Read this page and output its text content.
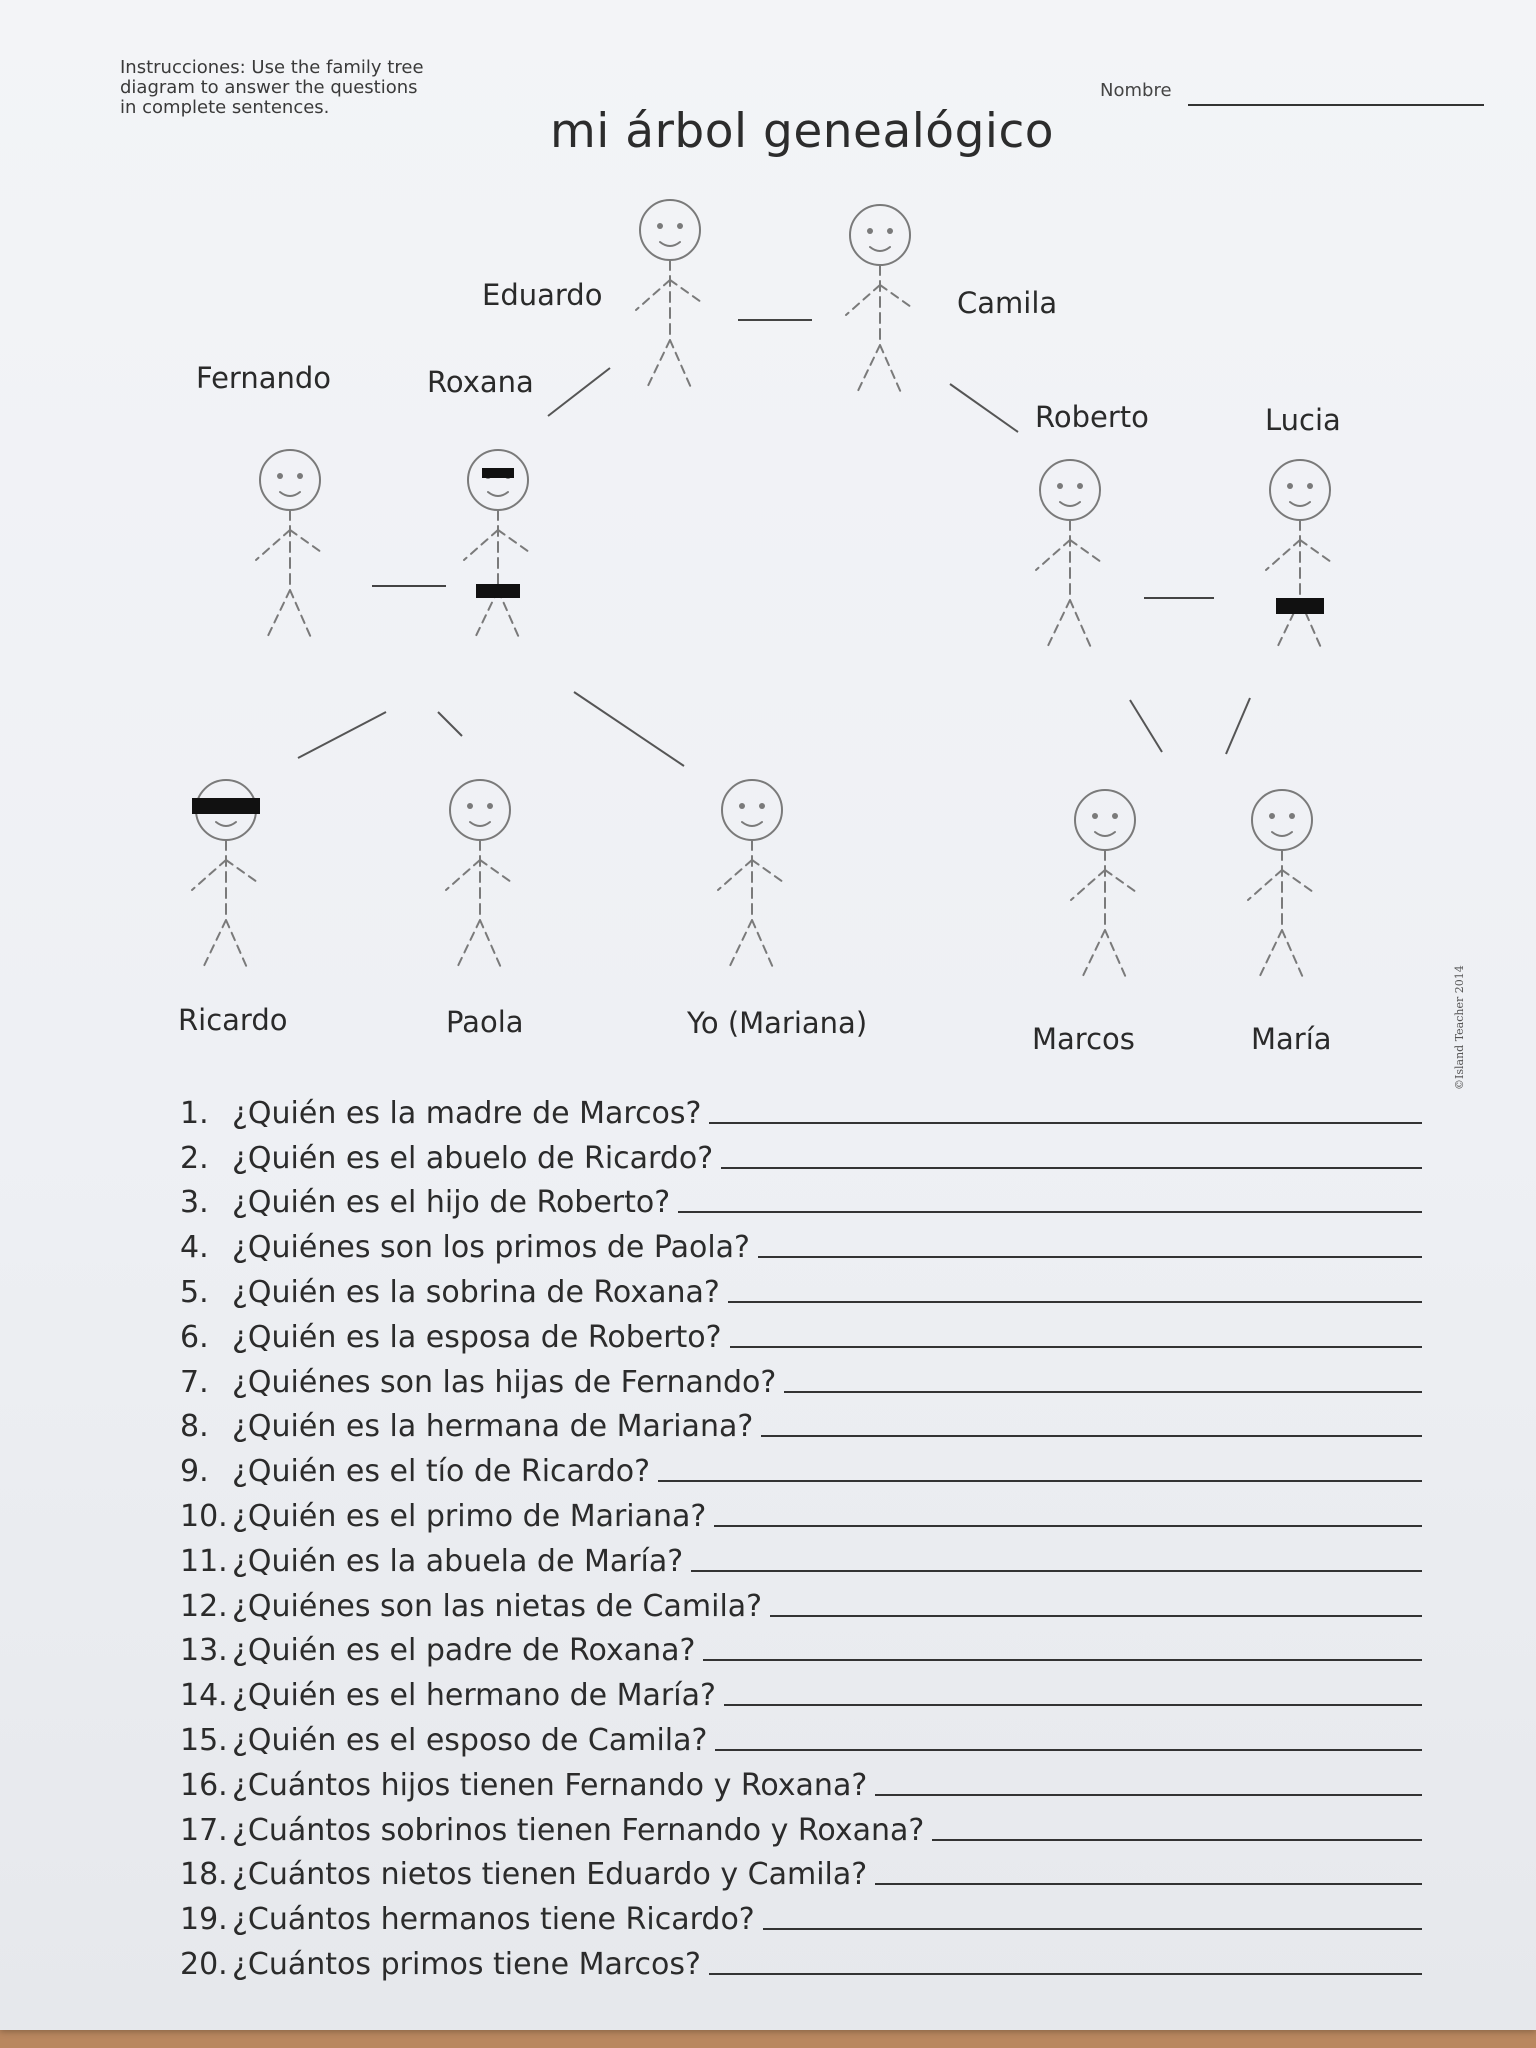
Instrucciones: Use the family tree
diagram to answer the questions
in complete sentences.
Nombre
mi árbol genealógico
Eduardo	Camila
Fernando	Roxana
Roberto	Lucia
Ricardo	Paola	Yo (Mariana)	Marcos	María	©Island Teacher 2014
1. ¿Quién es la madre de Marcos?
2. ¿Quién es el abuelo de Ricardo?
3. ¿Quién es el hijo de Roberto?
4. ¿Quiénes son los primos de Paola?
5. ¿Quién es la sobrina de Roxana?
6. ¿Quién es la esposa de Roberto?
7. ¿Quiénes son las hijas de Fernando?
8. ¿Quién es la hermana de Mariana?
9. ¿Quién es el tío de Ricardo?
10. ¿Quién es el primo de Mariana?
11. ¿Quién es la abuela de María?
12. ¿Quiénes son las nietas de Camila?
13. ¿Quién es el padre de Roxana?
14. ¿Quién es el hermano de María?
15. ¿Quién es el esposo de Camila?
16. ¿Cuántos hijos tienen Fernando y Roxana?
17. ¿Cuántos sobrinos tienen Fernando y Roxana?
18. ¿Cuántos nietos tienen Eduardo y Camila?
19. ¿Cuántos hermanos tiene Ricardo?
20. ¿Cuántos primos tiene Marcos?
